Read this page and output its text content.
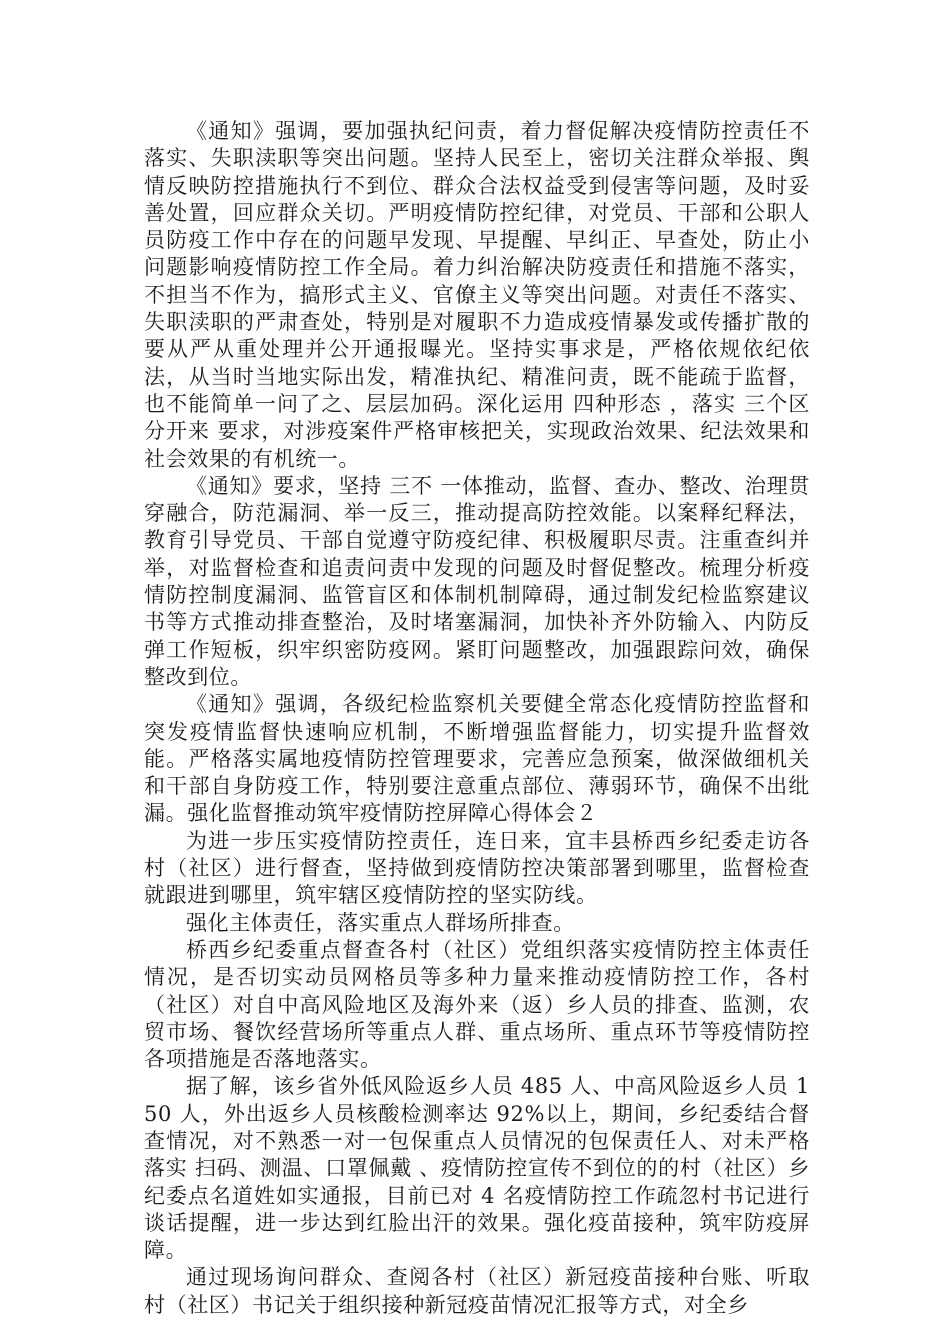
《通知》强调，要加强执纪问责，着力督促解决疫情防控责任不落实、失职渎职等突出问题。坚持人民至上，密切关注群众举报、舆情反映防控措施执行不到位、群众合法权益受到侵害等问题，及时妥善处置，回应群众关切。严明疫情防控纪律，对党员、干部和公职人员防疫工作中存在的问题早发现、早提醒、早纠正、早查处，防止小问题影响疫情防控工作全局。着力纠治解决防疫责任和措施不落实，不担当不作为，搞形式主义、官僚主义等突出问题。对责任不落实、失职渎职的严肃查处，特别是对履职不力造成疫情暴发或传播扩散的要从严从重处理并公开通报曝光。坚持实事求是，严格依规依纪依法，从当时当地实际出发，精准执纪、精准问责，既不能疏于监督，也不能简单一问了之、层层加码。深化运用 四种形态 ，落实 三个区分开来 要求，对涉疫案件严格审核把关，实现政治效果、纪法效果和社会效果的有机统一。

《通知》要求，坚持 三不 一体推动，监督、查办、整改、治理贯穿融合，防范漏洞、举一反三，推动提高防控效能。以案释纪释法，教育引导党员、干部自觉遵守防疫纪律、积极履职尽责。注重查纠并举，对监督检查和追责问责中发现的问题及时督促整改。梳理分析疫情防控制度漏洞、监管盲区和体制机制障碍，通过制发纪检监察建议书等方式推动排查整治，及时堵塞漏洞，加快补齐外防输入、内防反弹工作短板，织牢织密防疫网。紧盯问题整改，加强跟踪问效，确保整改到位。

《通知》强调，各级纪检监察机关要健全常态化疫情防控监督和突发疫情监督快速响应机制，不断增强监督能力，切实提升监督效能。严格落实属地疫情防控管理要求，完善应急预案，做深做细机关和干部自身防疫工作，特别要注意重点部位、薄弱环节，确保不出纰漏。强化监督推动筑牢疫情防控屏障心得体会２

为进一步压实疫情防控责任，连日来，宜丰县桥西乡纪委走访各村（社区）进行督查，坚持做到疫情防控决策部署到哪里，监督检查就跟进到哪里，筑牢辖区疫情防控的坚实防线。

强化主体责任，落实重点人群场所排查。

桥西乡纪委重点督查各村（社区）党组织落实疫情防控主体责任情况，是否切实动员网格员等多种力量来推动疫情防控工作，各村（社区）对自中高风险地区及海外来（返）乡人员的排查、监测，农贸市场、餐饮经营场所等重点人群、重点场所、重点环节等疫情防控各项措施是否落地落实。

据了解，该乡省外低风险返乡人员 485 人、中高风险返乡人员 150 人，外出返乡人员核酸检测率达 92%以上，期间，乡纪委结合督查情况，对不熟悉一对一包保重点人员情况的包保责任人、对未严格落实 扫码、测温、口罩佩戴 、疫情防控宣传不到位的的村（社区）乡纪委点名道姓如实通报，目前已对 4 名疫情防控工作疏忽村书记进行谈话提醒，进一步达到红脸出汗的效果。强化疫苗接种，筑牢防疫屏障。

通过现场询问群众、查阅各村（社区）新冠疫苗接种台账、听取村（社区）书记关于组织接种新冠疫苗情况汇报等方式，对全乡
